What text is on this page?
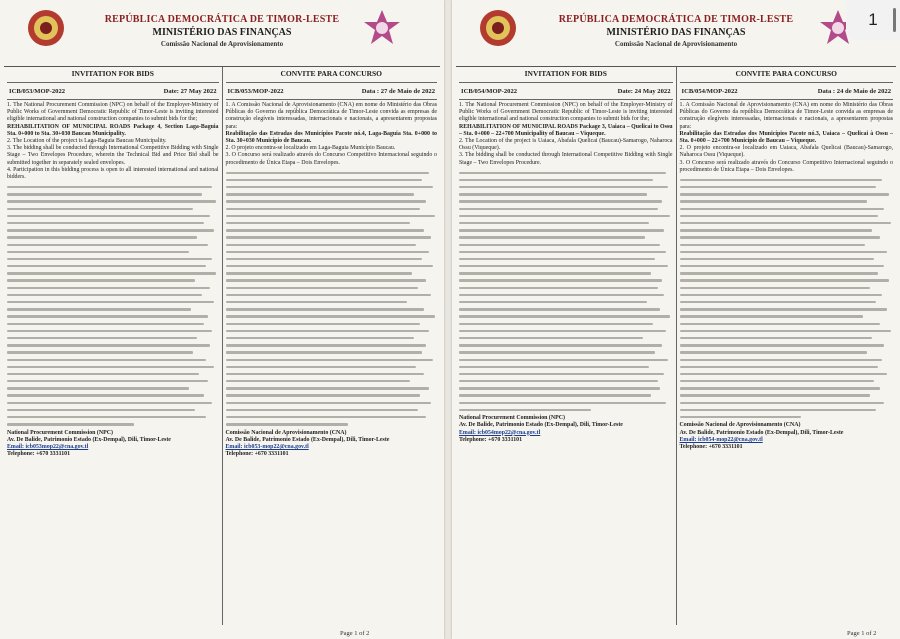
REPÚBLICA DEMOCRÁTICA DE TIMOR-LESTE
MINISTÉRIO DAS FINANÇAS
Comissão Nacional de Aprovisionamento
INVITATION FOR BIDS
ICB/053/MOP-2022	Date: 27 May 2022

1. The National Procurement Commission (NPC) on behalf of the Employer-Ministry of Public Works of Government Democratic Republic of Timor-Leste is inviting interested eligible international and national construction companies to submit bids for the;

REHABILITATION OF MUNICIPAL ROADS Package 4, Section Laga-Baguia Sta. 0+000 to Sta. 30+030 Baucau Municipality.

2. The Location of the project is Laga-Baguia Baucau Municipality.

3. The bidding shall be conducted through International Competitive Bidding with Single Stage – Two Envelopes Procedure, wherein the Technical Bid and Price Bid shall be submitted together in separately sealed envelopes.

4. Participation in this bidding process is open to all interested international and national bidders.

National Procurement Commission (NPC)

Av. De Balide, Patrimonio Estado (Ex-Dempal), Dili, Timor-Leste

Email: icb053mop22@cna.gov.tl

Telephone: +670 3331101

CONVITE PARA CONCURSO
ICB/053/MOP-2022	Data : 27 de Maio de 2022

1. A Comissão Nacional de Aprovisionamento (CNA) em nome do Ministério das Obras Públicas do Governo da república Democrática de Timor-Leste convida as empresas de construção elegíveis interessadas, internacionais e nacionais, a apresentarem propostas para:

Reabilitação das Estradas dos Municípios Pacote nó.4, Laga-Baguia Sta. 0+000 to Sta. 30+030 Município de Baucau.

2. O projeto encontra-se localizado em Laga-Baguia Município Baucau.

3. O Concurso será realizado através do Concurso Competitivo Internacional seguindo o procedimento de Única Etapa – Dois Envelopes.

Comissão Nacional de Aprovisionamento (CNA)

Av. De Balide, Patrimonio Estado (Ex-Dempal), Dili, Timor-Leste

Email: icb053-mop22@cna.gov.tl

Telephone: +670 3331101

Page 1 of 2
REPÚBLICA DEMOCRÁTICA DE TIMOR-LESTE
MINISTÉRIO DAS FINANÇAS
Comissão Nacional de Aprovisionamento
INVITATION FOR BIDS
ICB/054/MOP-2022	Date: 24 May 2022

1. The National Procurement Commission (NPC) on behalf of the Employer-Ministry of Public Works of Government Democratic Republic of Timor-Leste is inviting interested eligible international and national construction companies to submit bids for the;

REHABILITATION OF MUNICIPAL ROADS Package 3, Uaiaca – Quelicai to Ossu – Sta. 0+000 – 22+700 Municipality of Baucau – Viqueque.

2. The Location of the project is Uaiaca, Abafala Quelicai (Baucau)-Samarogo, Naharoca Ossu (Viqueque).

3. The bidding shall be conducted through International Competitive Bidding with Single Stage – Two Envelopes Procedure.

National Procurement Commission (NPC)

Av. De Balide, Patrimonio Estado (Ex-Dempal), Dili, Timor-Leste

Email: icb054mop22@cna.gov.tl

Telephone: +670 3331101

CONVITE PARA CONCURSO
ICB/054/MOP-2022	Data : 24 de Maio de 2022

1. A Comissão Nacional de Aprovisionamento (CNA) em nome do Ministério das Obras Públicas do Governo da república Democrática de Timor-Leste convida as empresas de construção elegíveis interessadas, internacionais e nacionais, a apresentarem propostas para:

Reabilitação das Estradas dos Municípios Pacote nó.3, Uaiaca – Quelicai à Ossu – Sta. 0+000 – 22+700 Município de Baucau – Viqueque.

2. O projeto encontra-se localizado em Uaiaca, Abafala Quelicai (Baucau)-Samarogo, Naharoca Ossu (Viqueque).

3. O Concurso será realizado através do Concurso Competitivo Internacional seguindo o procedimento de Única Etapa – Dois Envelopes.

Comissão Nacional de Aprovisionamento (CNA)

Av. De Balide, Patrimonio Estado (Ex-Dempal), Dili, Timor-Leste

Email: icb054-mop22@cna.gov.tl

Telephone: +670 3331101

Page 1 of 2
1
